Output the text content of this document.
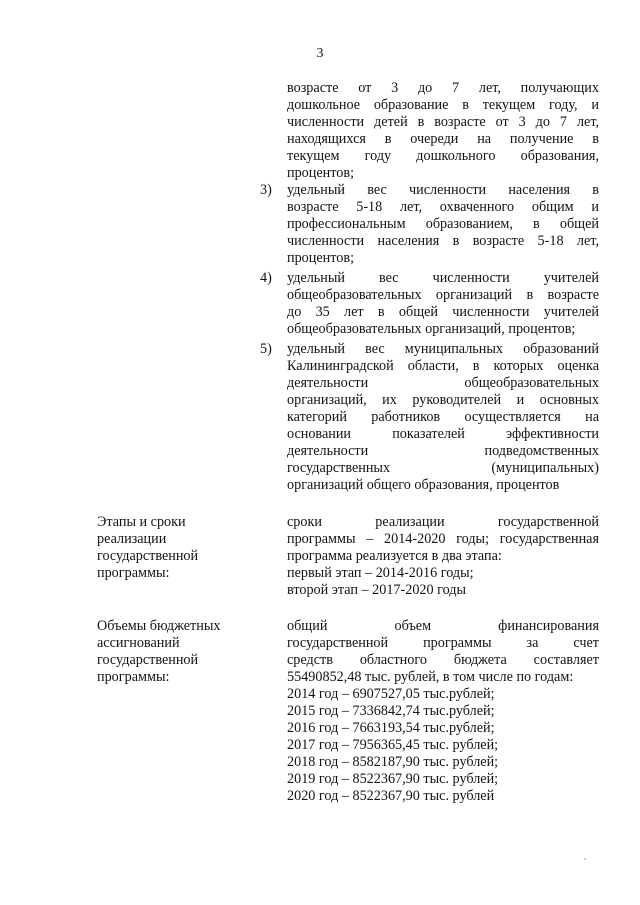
3
возрасте от 3 до 7 лет, получающих
дошкольное образование в текущем году, и
численности детей в возрасте от 3 до 7 лет,
находящихся в очереди на получение в
текущем году дошкольного образования,
процентов;
3) удельный вес численности населения в
возрасте 5-18 лет, охваченного общим и
профессиональным образованием, в общей
численности населения в возрасте 5-18 лет,
процентов;
4) удельный вес численности учителей
общеобразовательных организаций в возрасте
до 35 лет в общей численности учителей
общеобразовательных организаций, процентов;
5) удельный вес муниципальных образований
Калининградской области, в которых оценка
деятельности общеобразовательных
организаций, их руководителей и основных
категорий работников осуществляется на
основании показателей эффективности
деятельности подведомственных
государственных (муниципальных)
организаций общего образования, процентов
Этапы и сроки
реализации
государственной
программы:
сроки реализации государственной
программы – 2014-2020 годы; государственная
программа реализуется в два этапа:
первый этап – 2014-2016 годы;
второй этап – 2017-2020 годы
Объемы бюджетных
ассигнований
государственной
программы:
общий объем финансирования
государственной программы за счет
средств областного бюджета составляет
55490852,48 тыс. рублей, в том числе по годам:
2014 год – 6907527,05 тыс.рублей;
2015 год – 7336842,74 тыс.рублей;
2016 год – 7663193,54 тыс.рублей;
2017 год – 7956365,45 тыс. рублей;
2018 год – 8582187,90 тыс. рублей;
2019 год – 8522367,90 тыс. рублей;
2020 год – 8522367,90 тыс. рублей
